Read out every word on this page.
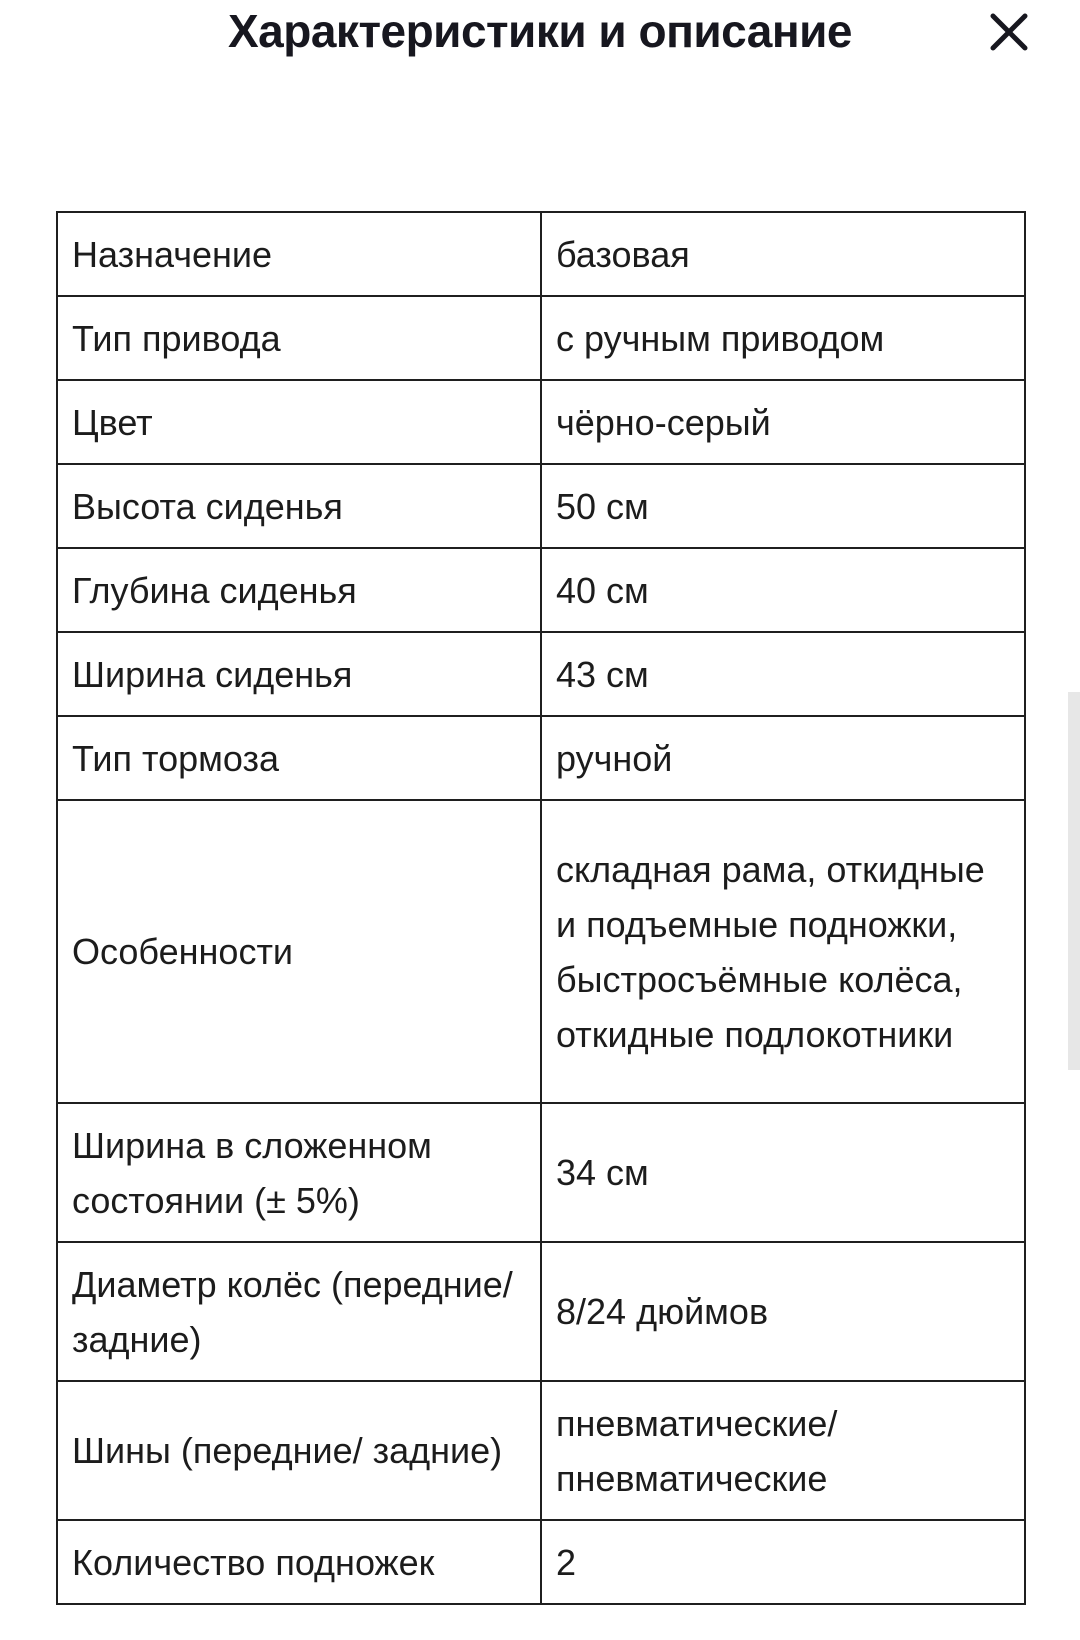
Характеристики и описание
Назначение	базовая
Тип привода	с ручным приводом
Цвет	чёрно-серый
Высота сиденья	50 см
Глубина сиденья	40 см
Ширина сиденья	43 см
Тип тормоза	ручной
Особенности	складная рама, откидные и подъемные подножки, быстросъёмные колёса, откидные подлокотники
Ширина в сложенном состоянии (± 5%)	34 см
Диаметр колёс (передние/задние)	8/24 дюймов
Шины (передние/ задние)	пневматические/ пневматические
Количество подножек	2
